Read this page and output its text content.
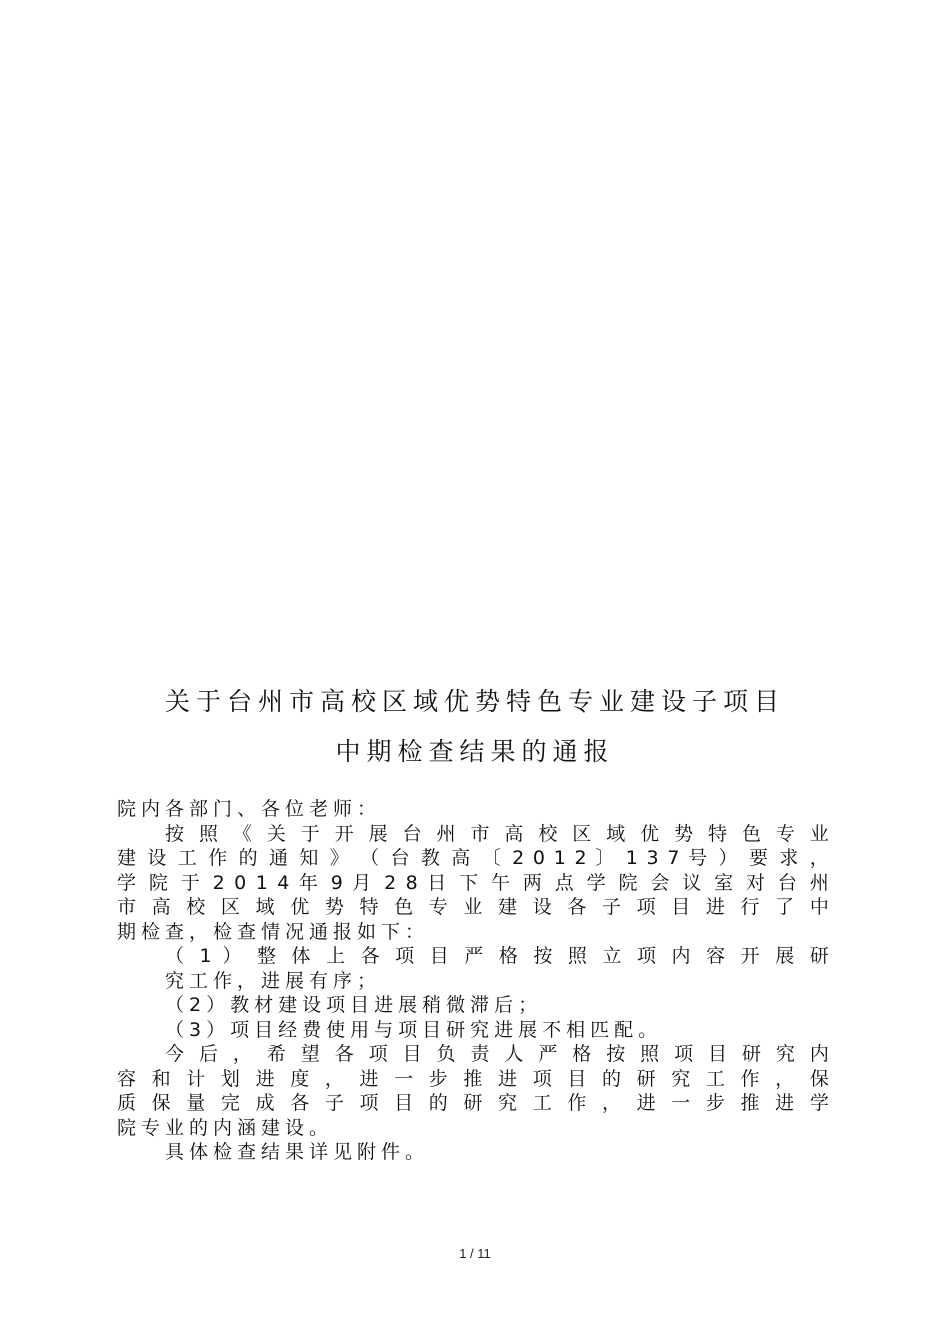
关于台州市高校区域优势特色专业建设子项目
中期检查结果的通报
院内各部门、各位老师：
按 照 《 关 于 开 展 台 州 市 高 校 区 域 优 势 特 色 专 业
建 设 工 作 的 通 知 》 （ 台 教 高 〔 2 0 1 2 〕 1 3 7 号 ） 要 求 ，
学 院 于 2 0 1 4 年 9 月 2 8 日 下 午 两 点 学 院 会 议 室 对 台 州
市 高 校 区 域 优 势 特 色 专 业 建 设 各 子 项 目 进 行 了 中
期检查，检查情况通报如下：
（ 1 ） 整 体 上 各 项 目 严 格 按 照 立 项 内 容 开 展 研
究工作，进展有序；
（2）教材建设项目进展稍微滞后；
（3）项目经费使用与项目研究进展不相匹配。
今 后 ， 希 望 各 项 目 负 责 人 严 格 按 照 项 目 研 究 内
容 和 计 划 进 度 ， 进 一 步 推 进 项 目 的 研 究 工 作 ， 保
质 保 量 完 成 各 子 项 目 的 研 究 工 作 ， 进 一 步 推 进 学
院专业的内涵建设。
具体检查结果详见附件。
1 / 11
